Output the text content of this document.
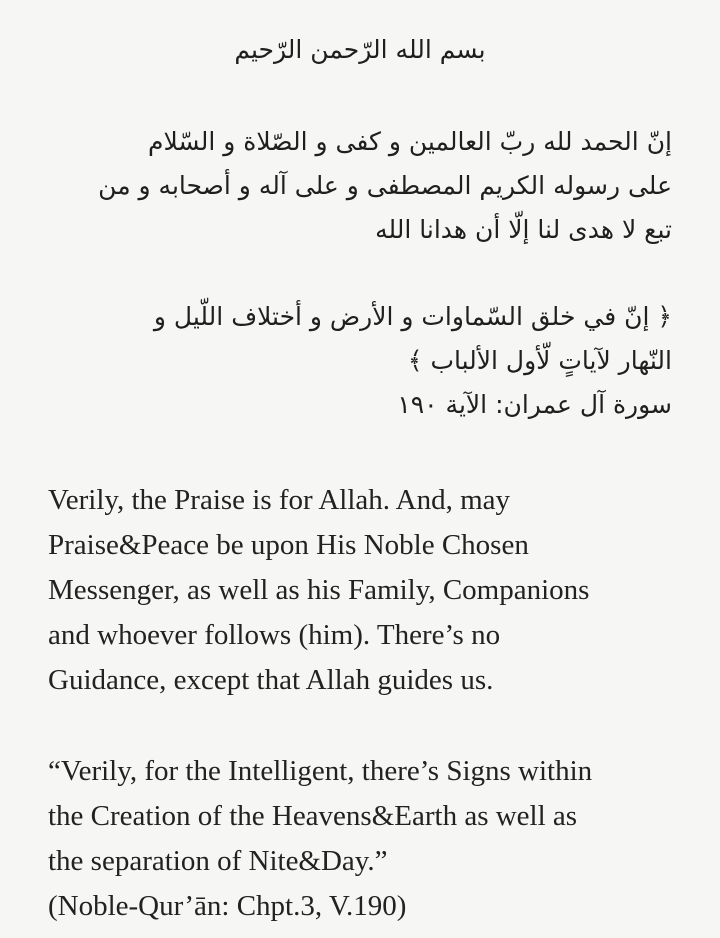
بسم الله الرّحمن الرّحيم
إنّ الحمد لله ربّ العالمين و كفى و الصّلاة و السّلام
على رسوله الكريم المصطفى و على آله و أصحابه و من
تبع لا هدى لنا إلّا أن هدانا الله
﴿ إنّ في خلق السّماوات و الأرض و أختلاف اللّيل و
النّهار لآياتٍ لّأول الألباب ﴾
سورة آل عمران: الآية ١٩٠
Verily, the Praise is for Allah. And, may
Praise&Peace be upon His Noble Chosen
Messenger, as well as his Family, Companions
and whoever follows (him). There’s no
Guidance, except that Allah guides us.
“Verily, for the Intelligent, there’s Signs within
the Creation of the Heavens&Earth as well as
the separation of Nite&Day.”
(Noble-Qur’ān: Chpt.3, V.190)
